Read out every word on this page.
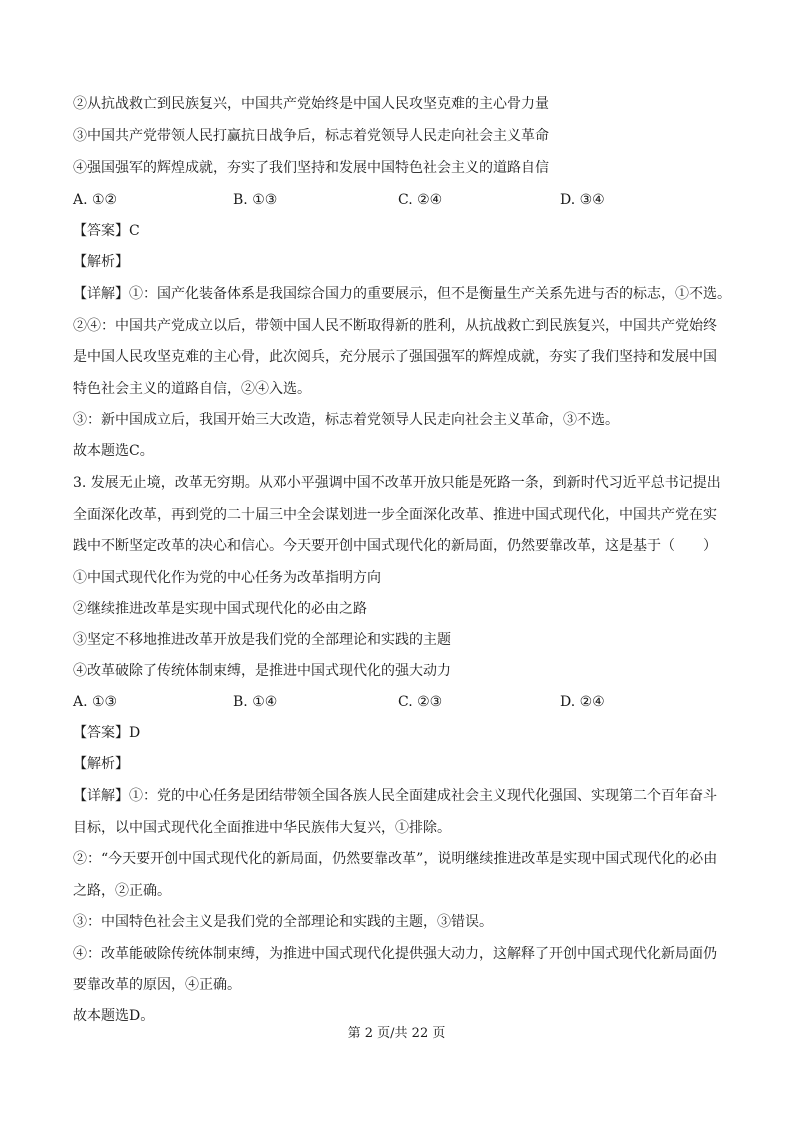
②从抗战救亡到民族复兴，中国共产党始终是中国人民攻坚克难的主心骨力量
③中国共产党带领人民打赢抗日战争后，标志着党领导人民走向社会主义革命
④强国强军的辉煌成就，夯实了我们坚持和发展中国特色社会主义的道路自信
A. ①②	B. ①③	C. ②④	D. ③④
【答案】C
【解析】
【详解】①：国产化装备体系是我国综合国力的重要展示，但不是衡量生产关系先进与否的标志，①不选。
②④：中国共产党成立以后，带领中国人民不断取得新的胜利，从抗战救亡到民族复兴，中国共产党始终
是中国人民攻坚克难的主心骨，此次阅兵，充分展示了强国强军的辉煌成就，夯实了我们坚持和发展中国
特色社会主义的道路自信，②④入选。
③：新中国成立后，我国开始三大改造，标志着党领导人民走向社会主义革命，③不选。
故本题选C。
3. 发展无止境，改革无穷期。从邓小平强调中国不改革开放只能是死路一条，到新时代习近平总书记提出
全面深化改革，再到党的二十届三中全会谋划进一步全面深化改革、推进中国式现代化，中国共产党在实
践中不断坚定改革的决心和信心。今天要开创中国式现代化的新局面，仍然要靠改革，这是基于（　　）
①中国式现代化作为党的中心任务为改革指明方向
②继续推进改革是实现中国式现代化的必由之路
③坚定不移地推进改革开放是我们党的全部理论和实践的主题
④改革破除了传统体制束缚，是推进中国式现代化的强大动力
A. ①③	B. ①④	C. ②③	D. ②④
【答案】D
【解析】
【详解】①：党的中心任务是团结带领全国各族人民全面建成社会主义现代化强国、实现第二个百年奋斗
目标，以中国式现代化全面推进中华民族伟大复兴，①排除。
②：“今天要开创中国式现代化的新局面，仍然要靠改革”，说明继续推进改革是实现中国式现代化的必由
之路，②正确。
③：中国特色社会主义是我们党的全部理论和实践的主题，③错误。
④：改革能破除传统体制束缚，为推进中国式现代化提供强大动力，这解释了开创中国式现代化新局面仍
要靠改革的原因，④正确。
故本题选D。
第 2 页/共 22 页
